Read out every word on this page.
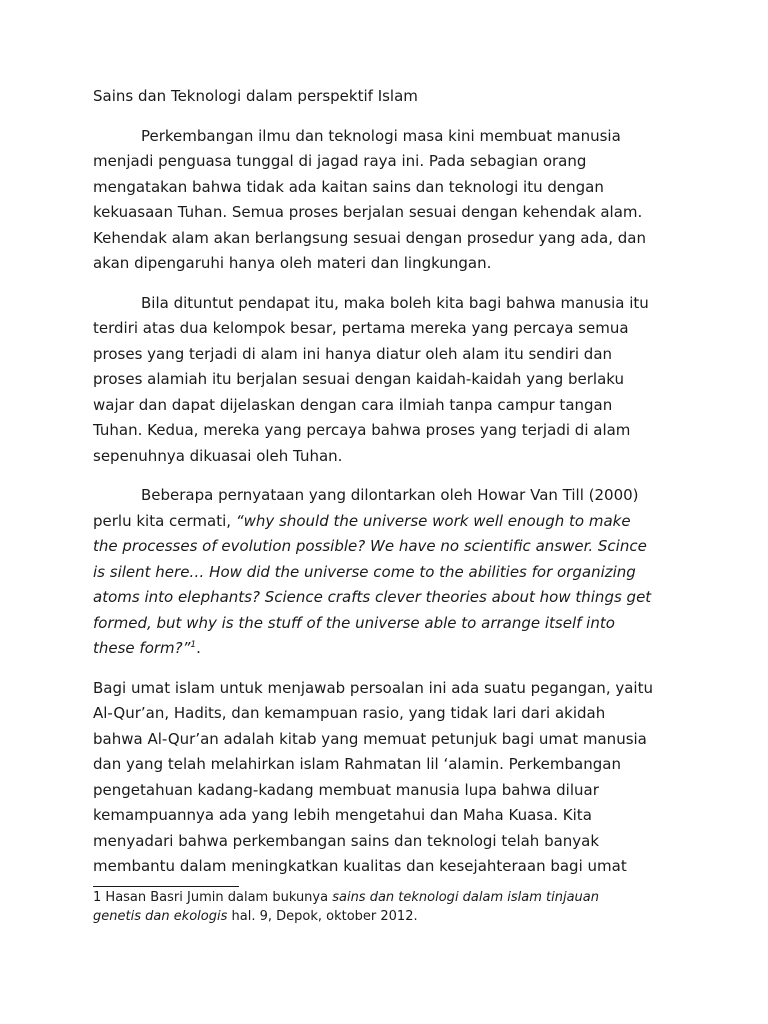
Sains dan Teknologi dalam perspektif Islam

Perkembangan ilmu dan teknologi masa kini membuat manusia
menjadi penguasa tunggal di jagad raya ini. Pada sebagian orang
mengatakan bahwa tidak ada kaitan sains dan teknologi itu dengan
kekuasaan Tuhan. Semua proses berjalan sesuai dengan kehendak alam.
Kehendak alam akan berlangsung sesuai dengan prosedur yang ada, dan
akan dipengaruhi hanya oleh materi dan lingkungan.

Bila dituntut pendapat itu, maka boleh kita bagi bahwa manusia itu
terdiri atas dua kelompok besar, pertama mereka yang percaya semua
proses yang terjadi di alam ini hanya diatur oleh alam itu sendiri dan
proses alamiah itu berjalan sesuai dengan kaidah-kaidah yang berlaku
wajar dan dapat dijelaskan dengan cara ilmiah tanpa campur tangan
Tuhan. Kedua, mereka yang percaya bahwa proses yang terjadi di alam
sepenuhnya dikuasai oleh Tuhan.

Beberapa pernyataan yang dilontarkan oleh Howar Van Till (2000)
perlu kita cermati, “why should the universe work well enough to make
the processes of evolution possible? We have no scientific answer. Scince
is silent here… How did the universe come to the abilities for organizing
atoms into elephants? Science crafts clever theories about how things get
formed, but why is the stuff of the universe able to arrange itself into
these form?”$^1$.

Bagi umat islam untuk menjawab persoalan ini ada suatu pegangan, yaitu
Al-Qur’an, Hadits, dan kemampuan rasio, yang tidak lari dari akidah
bahwa Al-Qur’an adalah kitab yang memuat petunjuk bagi umat manusia
dan yang telah melahirkan islam Rahmatan lil ‘alamin. Perkembangan
pengetahuan kadang-kadang membuat manusia lupa bahwa diluar
kemampuannya ada yang lebih mengetahui dan Maha Kuasa. Kita
menyadari bahwa perkembangan sains dan teknologi telah banyak
membantu dalam meningkatkan kualitas dan kesejahteraan bagi umat

1 Hasan Basri Jumin dalam bukunya sains dan teknologi dalam islam tinjauan
genetis dan ekologis hal. 9, Depok, oktober 2012.
